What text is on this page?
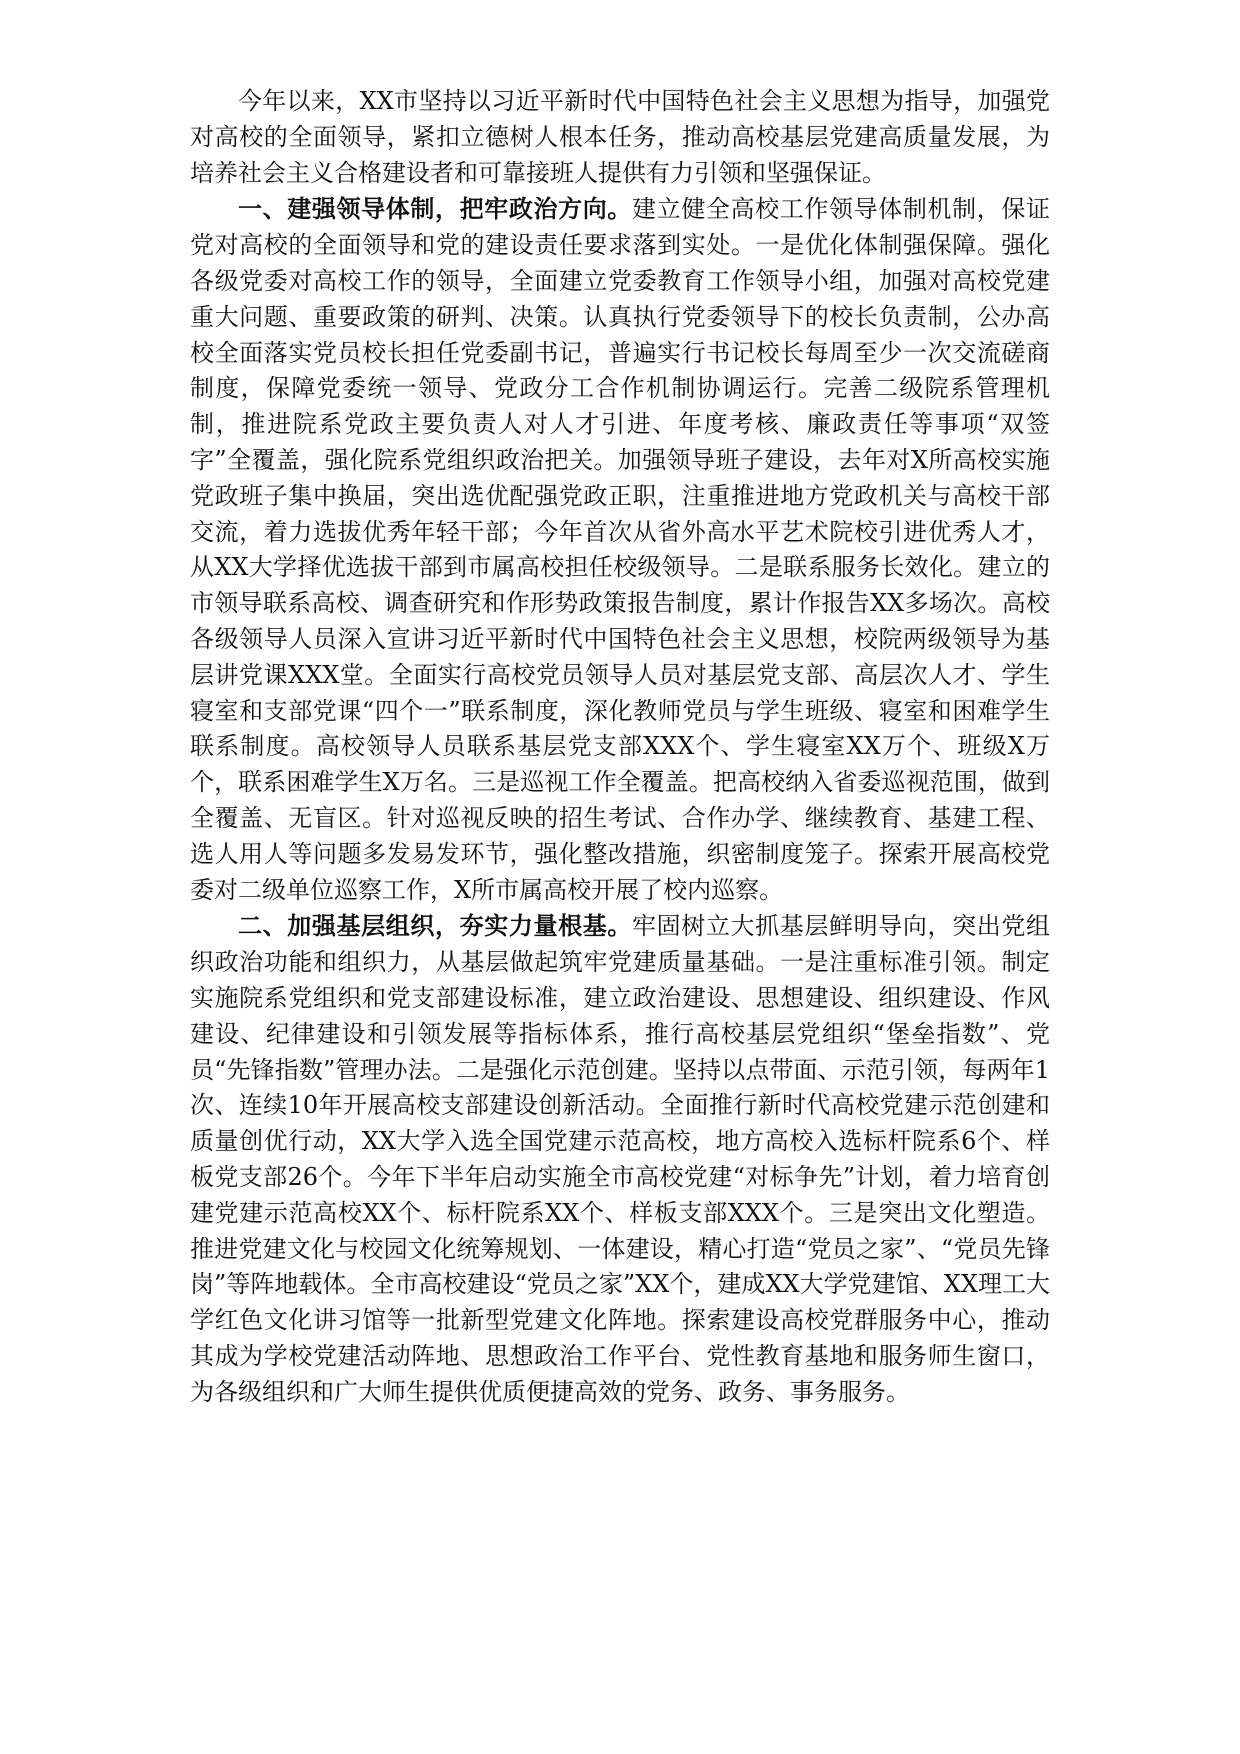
今年以来，XX市坚持以习近平新时代中国特色社会主义思想为指导，加强党对高校的全面领导，紧扣立德树人根本任务，推动高校基层党建高质量发展，为培养社会主义合格建设者和可靠接班人提供有力引领和坚强保证。

一、建强领导体制，把牢政治方向。建立健全高校工作领导体制机制，保证党对高校的全面领导和党的建设责任要求落到实处。一是优化体制强保障。强化各级党委对高校工作的领导，全面建立党委教育工作领导小组，加强对高校党建重大问题、重要政策的研判、决策。认真执行党委领导下的校长负责制，公办高校全面落实党员校长担任党委副书记，普遍实行书记校长每周至少一次交流磋商制度，保障党委统一领导、党政分工合作机制协调运行。完善二级院系管理机制，推进院系党政主要负责人对人才引进、年度考核、廉政责任等事项“双签字”全覆盖，强化院系党组织政治把关。加强领导班子建设，去年对X所高校实施党政班子集中换届，突出选优配强党政正职，注重推进地方党政机关与高校干部交流，着力选拔优秀年轻干部；今年首次从省外高水平艺术院校引进优秀人才，从XX大学择优选拔干部到市属高校担任校级领导。二是联系服务长效化。建立的市领导联系高校、调查研究和作形势政策报告制度，累计作报告XX多场次。高校各级领导人员深入宣讲习近平新时代中国特色社会主义思想，校院两级领导为基层讲党课XXX堂。全面实行高校党员领导人员对基层党支部、高层次人才、学生寝室和支部党课“四个一”联系制度，深化教师党员与学生班级、寝室和困难学生联系制度。高校领导人员联系基层党支部XXX个、学生寝室XX万个、班级X万个，联系困难学生X万名。三是巡视工作全覆盖。把高校纳入省委巡视范围，做到全覆盖、无盲区。针对巡视反映的招生考试、合作办学、继续教育、基建工程、选人用人等问题多发易发环节，强化整改措施，织密制度笼子。探索开展高校党委对二级单位巡察工作，X所市属高校开展了校内巡察。

二、加强基层组织，夯实力量根基。牢固树立大抓基层鲜明导向，突出党组织政治功能和组织力，从基层做起筑牢党建质量基础。一是注重标准引领。制定实施院系党组织和党支部建设标准，建立政治建设、思想建设、组织建设、作风建设、纪律建设和引领发展等指标体系，推行高校基层党组织“堡垒指数”、党员“先锋指数”管理办法。二是强化示范创建。坚持以点带面、示范引领，每两年1次、连续10年开展高校支部建设创新活动。全面推行新时代高校党建示范创建和质量创优行动，XX大学入选全国党建示范高校，地方高校入选标杆院系6个、样板党支部26个。今年下半年启动实施全市高校党建“对标争先”计划，着力培育创建党建示范高校XX个、标杆院系XX个、样板支部XXX个。三是突出文化塑造。推进党建文化与校园文化统筹规划、一体建设，精心打造“党员之家”、“党员先锋岗”等阵地载体。全市高校建设“党员之家”XX个，建成XX大学党建馆、XX理工大学红色文化讲习馆等一批新型党建文化阵地。探索建设高校党群服务中心，推动其成为学校党建活动阵地、思想政治工作平台、党性教育基地和服务师生窗口，为各级组织和广大师生提供优质便捷高效的党务、政务、事务服务。
